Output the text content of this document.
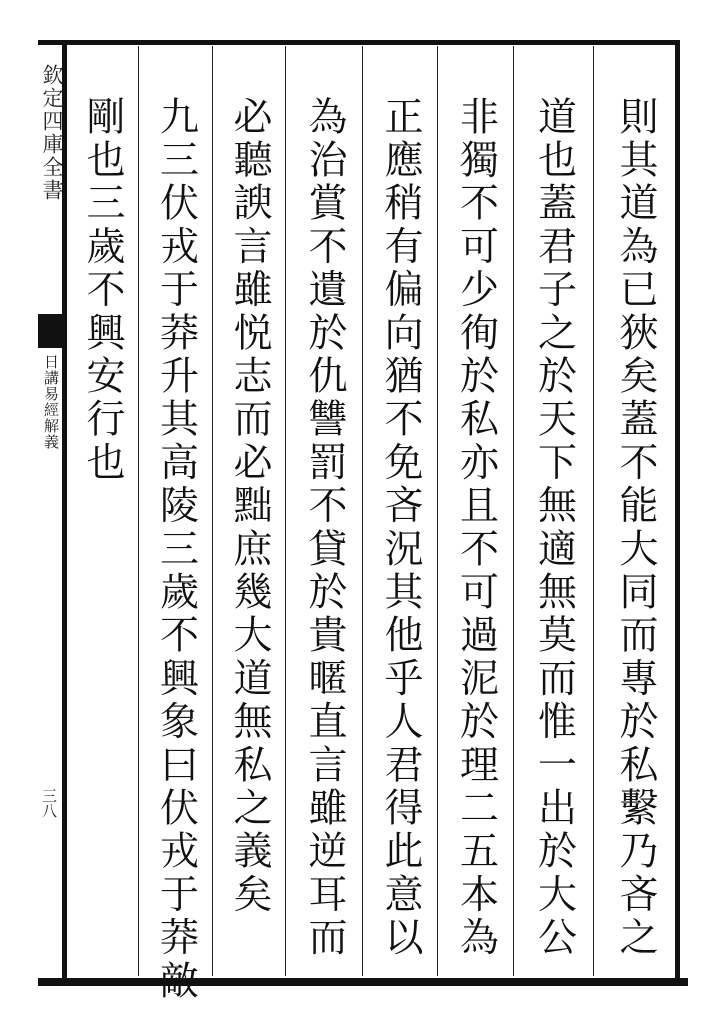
欽定四庫全書
日講易經解義
三八	則其道為已狹矣蓋不能大同而專於私繫乃吝之
道也蓋君子之於天下無適無莫而惟一出於大公
非獨不可少徇於私亦且不可過泥於理二五本為
正應稍有偏向猶不免吝況其他乎人君得此意以
為治賞不遺於仇讐罰不貸於貴暱直言雖逆耳而
必聽諛言雖悦志而必黜庶幾大道無私之義矣
九三伏戎于莽升其高陵三歲不興象曰伏戎于莽敵
剛也三歲不興安行也
